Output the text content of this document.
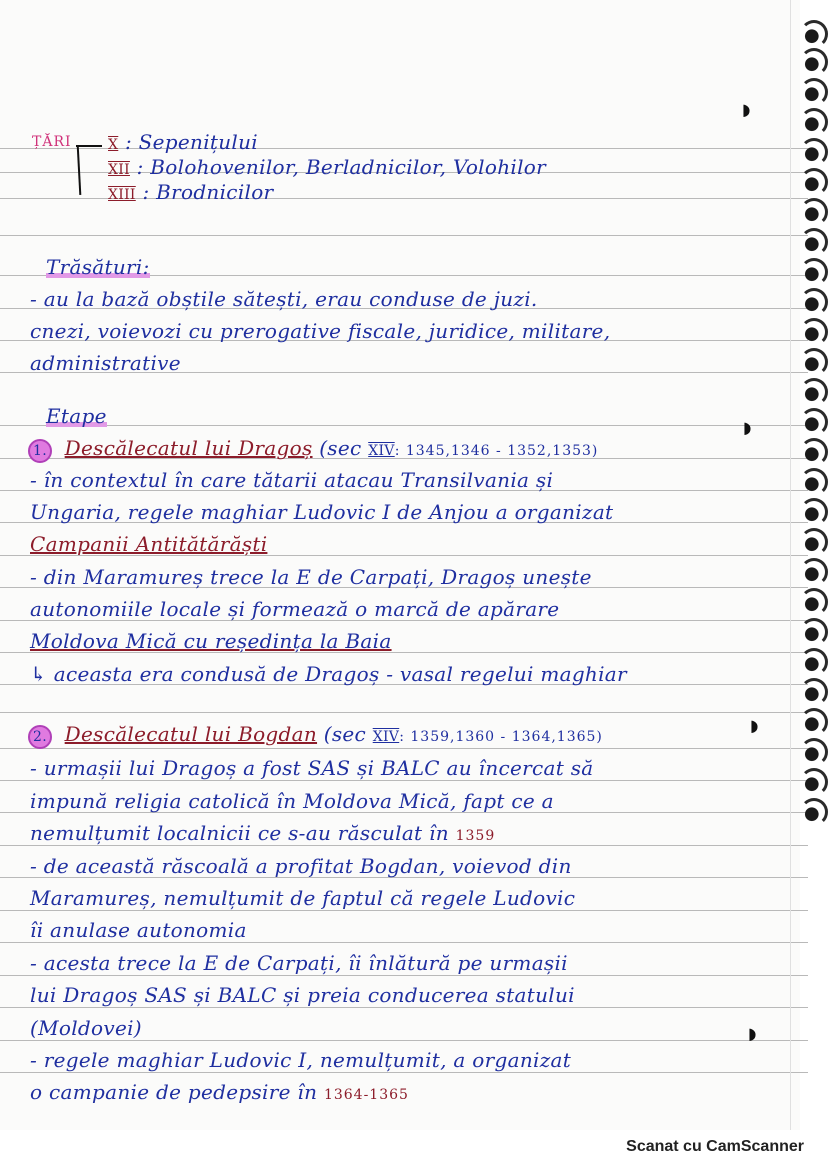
◗
◗
◗
◗
ȚĂRI	X : Sepenițului
XII : Bolohovenilor, Berladnicilor, Volohilor
XIII : Brodnicilor
Trăsături:
- au la bază obștile sătești, erau conduse de juzi.
cnezi, voievozi cu prerogative fiscale, juridice, militare,
administrative
Etape
1. Descălecatul lui Dragoș (sec XIV: 1345,1346 - 1352,1353)
- în contextul în care tătarii atacau Transilvania și
Ungaria, regele maghiar Ludovic I de Anjou a organizat
Campanii Antitătărăști
- din Maramureș trece la E de Carpați, Dragoș unește
autonomiile locale și formează o marcă de apărare
Moldova Mică cu reședința la Baia
↳ aceasta era condusă de Dragoș - vasal regelui maghiar
2. Descălecatul lui Bogdan (sec XIV: 1359,1360 - 1364,1365)
- urmașii lui Dragoș a fost SAS și BALC au încercat să
impună religia catolică în Moldova Mică, fapt ce a
nemulțumit localnicii ce s-au răsculat în 1359
- de această răscoală a profitat Bogdan, voievod din
Maramureș, nemulțumit de faptul că regele Ludovic
îi anulase autonomia
- acesta trece la E de Carpați, îi înlătură pe urmașii
lui Dragoș SAS și BALC și preia conducerea statului
(Moldovei)
- regele maghiar Ludovic I, nemulțumit, a organizat
o campanie de pedepsire în 1364-1365
Scanat cu CamScanner
